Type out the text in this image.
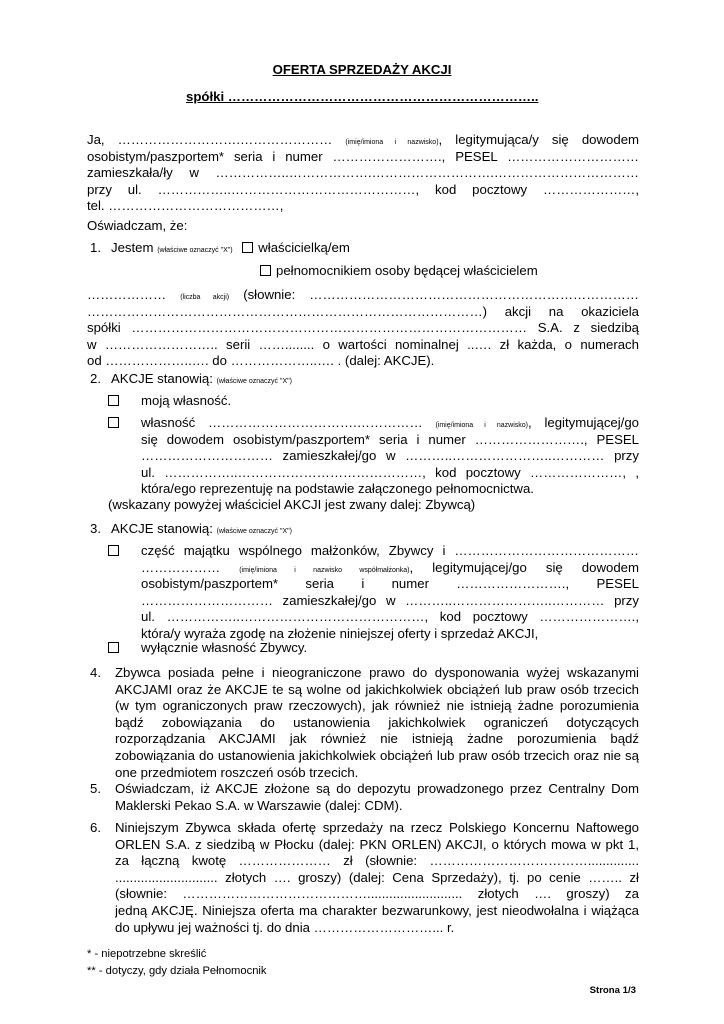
OFERTA SPRZEDAŻY AKCJI
spółki ……………………………………………………………..
Ja, ……………………….………………… (imię/imiona i nazwisko), legitymująca/y się dowodem
osobistym/paszportem* seria i numer ……………………., PESEL …………………………
zamieszkała/ły w ……………..……………….……………………….……………………………
przy ul. ……………..……………………………………, kod pocztowy …………………,
tel. …………………………………,
Oświadczam, że:
1. Jestem (właściwe oznaczyć "X") właścicielką/em
pełnomocnikiem osoby będącej właścicielem
……………… (liczba akcji) (słownie: …………………………………………………………………
………………………………………………………………………………) akcji na okaziciela
spółki ……………………………………………………………………………… S.A. z siedzibą
w …………………….. serii ……........ o wartości nominalnej ..…. zł każda, o numerach
od ………………..…. do ………………..…. . (dalej: AKCJE).
2. AKCJE stanowią: (właściwe oznaczyć "X")
moją własność.
własność …………………………….…………… (imię/imiona i nazwisko), legitymującej/go
się dowodem osobistym/paszportem* seria i numer ……………………., PESEL
………………………… zamieszkałej/go w ………..…………………..………… przy
ul. ……………..……………………………………, kod pocztowy …………………, ,
która/ego reprezentuję na podstawie załączonego pełnomocnictwa.
(wskazany powyżej właściciel AKCJI jest zwany dalej: Zbywcą)
3. AKCJE stanowią: (właściwe oznaczyć "X")
część majątku wspólnego małżonków, Zbywcy i ……………………………………
……………… (imię/imiona i nazwisko współmałżonka), legitymującej/go się dowodem
osobistym/paszportem* seria i numer ……………………., PESEL
………………………… zamieszkałej/go w ………..…………………..………… przy
ul. ……………..……………………………………, kod pocztowy ………………….,
która/y wyraża zgodę na złożenie niniejszej oferty i sprzedaż AKCJI,
wyłącznie własność Zbywcy.
4. Zbywca posiada pełne i nieograniczone prawo do dysponowania wyżej wskazanymi
AKCJAMI oraz że AKCJE te są wolne od jakichkolwiek obciążeń lub praw osób trzecich
(w tym ograniczonych praw rzeczowych), jak również nie istnieją żadne porozumienia
bądź zobowiązania do ustanowienia jakichkolwiek ograniczeń dotyczących
rozporządzania AKCJAMI jak również nie istnieją żadne porozumienia bądź
zobowiązania do ustanowienia jakichkolwiek obciążeń lub praw osób trzecich oraz nie są
one przedmiotem roszczeń osób trzecich.
5. Oświadczam, iż AKCJE złożone są do depozytu prowadzonego przez Centralny Dom
Maklerski Pekao S.A. w Warszawie (dalej: CDM).
6. Niniejszym Zbywca składa ofertę sprzedaży na rzecz Polskiego Koncernu Naftowego
ORLEN S.A. z siedzibą w Płocku (dalej: PKN ORLEN) AKCJI, o których mowa w pkt 1,
za łączną kwotę ………………… zł (słownie: ………………………………..............
............................ złotych …. groszy) (dalej: Cena Sprzedaży), tj. po cenie …….. zł
(słownie: …………………………………….......................... złotych …. groszy) za
jedną AKCJĘ. Niniejsza oferta ma charakter bezwarunkowy, jest nieodwołalna i wiążąca
do upływu jej ważności tj. do dnia ………………………... r.
* - niepotrzebne skreślić
** - dotyczy, gdy działa Pełnomocnik
Strona 1/3
